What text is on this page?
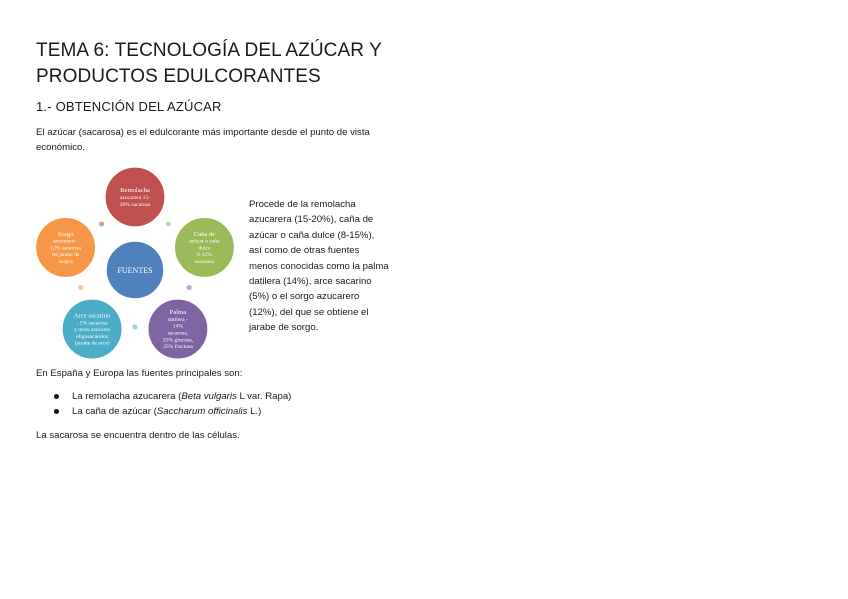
TEMA 6: TECNOLOGÍA DEL AZÚCAR Y
PRODUCTOS EDULCORANTES
1.- OBTENCIÓN DEL AZÚCAR
El azúcar (sacarosa) es el edulcorante más importante desde el punto de vista económico.
Remolacha
azucarera 15-
20% sacarosa
Caña de
azúcar o caña
dulce
8-15%
sacarosa
Palma
datilera -
14%
sacarosa,
25% glucosa,
25% fructosa
Arce sacarino
- 5% sacarosa
y otros azúcares
oligosacáridos
(jarabe de arce)
Sorgo
azucarero -
12% sacarosa
(el jarabe de
sorgo)
FUENTES
Procede de la remolacha azucarera (15-20%), caña de azúcar o caña dulce (8-15%), así como de otras fuentes menos conocidas como la palma datilera (14%), arce sacarino (5%) o el sorgo azucarero (12%), del que se obtiene el jarabe de sorgo.
En España y Europa las fuentes principales son:
La remolacha azucarera (Beta vulgaris L var. Rapa)
La caña de azúcar (Saccharum officinalis L.)
La sacarosa se encuentra dentro de las células.
